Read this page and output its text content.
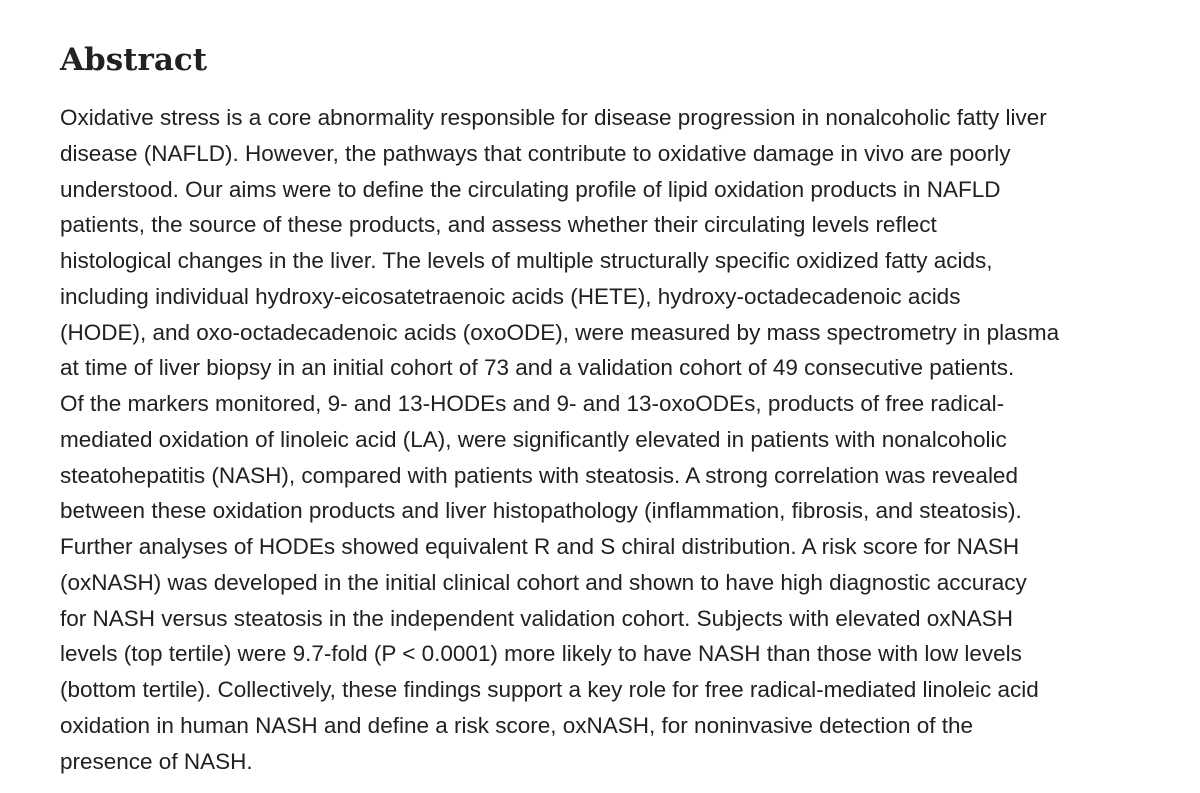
Abstract

Oxidative stress is a core abnormality responsible for disease progression in nonalcoholic fatty liver
disease (NAFLD). However, the pathways that contribute to oxidative damage in vivo are poorly
understood. Our aims were to define the circulating profile of lipid oxidation products in NAFLD
patients, the source of these products, and assess whether their circulating levels reflect
histological changes in the liver. The levels of multiple structurally specific oxidized fatty acids,
including individual hydroxy-eicosatetraenoic acids (HETE), hydroxy-octadecadenoic acids
(HODE), and oxo-octadecadenoic acids (oxoODE), were measured by mass spectrometry in plasma
at time of liver biopsy in an initial cohort of 73 and a validation cohort of 49 consecutive patients.
Of the markers monitored, 9- and 13-HODEs and 9- and 13-oxoODEs, products of free radical-
mediated oxidation of linoleic acid (LA), were significantly elevated in patients with nonalcoholic
steatohepatitis (NASH), compared with patients with steatosis. A strong correlation was revealed
between these oxidation products and liver histopathology (inflammation, fibrosis, and steatosis).
Further analyses of HODEs showed equivalent R and S chiral distribution. A risk score for NASH
(oxNASH) was developed in the initial clinical cohort and shown to have high diagnostic accuracy
for NASH versus steatosis in the independent validation cohort. Subjects with elevated oxNASH
levels (top tertile) were 9.7-fold (P < 0.0001) more likely to have NASH than those with low levels
(bottom tertile). Collectively, these findings support a key role for free radical-mediated linoleic acid
oxidation in human NASH and define a risk score, oxNASH, for noninvasive detection of the
presence of NASH.
